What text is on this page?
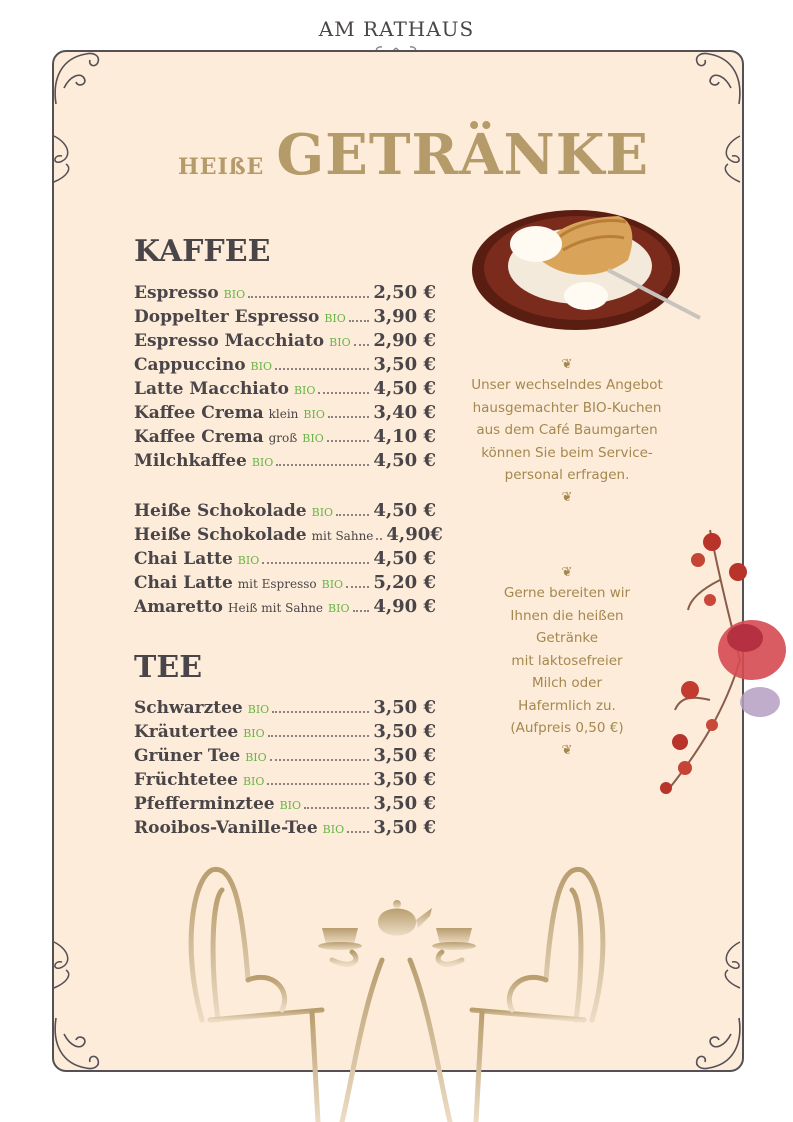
AM RATHAUS
HEIßE GETRÄNKE
KAFFEE
Espresso BIO	2,50 €
Doppelter Espresso BIO 3,90 €
Espresso Macchiato BIO 2,90 €
Cappuccino BIO	3,50 €
Latte Macchiato BIO	4,50 €
Kaffee Crema klein BIO	3,40 €
Kaffee Crema groß BIO	4,10 €
Milchkaffee BIO	4,50 €
Heiße Schokolade BIO 4,50 €
Heiße Schokolade mit Sahne 4,90€
Chai Latte BIO	4,50 €
Chai Latte mit Espresso BIO 5,20 €
Amaretto Heiß mit Sahne BIO 4,90 €
TEE
Schwarztee BIO	3,50 €
Kräutertee BIO	3,50 €
Grüner Tee BIO	3,50 €
Früchtetee BIO	3,50 €
Pfefferminztee BIO	3,50 €
Rooibos-Vanille-Tee BIO 3,50 €
❦
Unser wechselndes Angebot
hausgemachter BIO-Kuchen
aus dem Café Baumgarten
können Sie beim Service-
personal erfragen.
❦
❦
Gerne bereiten wir
Ihnen die heißen
Getränke
mit laktosefreier
Milch oder
Hafermlich zu.
(Aufpreis 0,50 €)
❦
